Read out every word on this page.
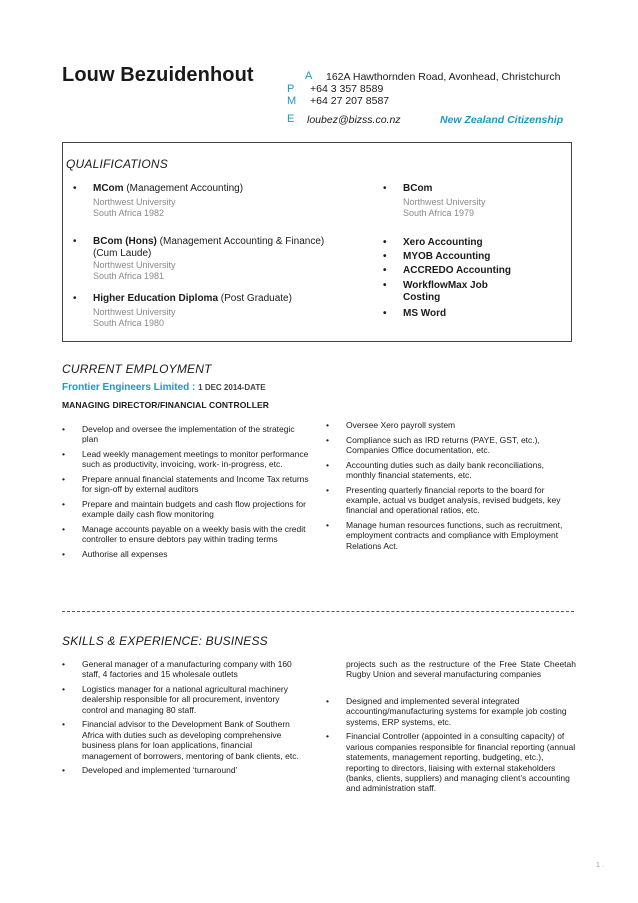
Louw Bezuidenhout	A 162A Hawthornden Road, Avonhead, Christchurch
P +64 3 357 8589
M +64 27 207 8587
E loubez@bizss.co.nz	New Zealand Citizenship
QUALIFICATIONS
• MCom (Management Accounting)
Northwest University
South Africa 1982
• BCom (Hons) (Management Accounting & Finance)
(Cum Laude)
Northwest University
South Africa 1981
• Higher Education Diploma (Post Graduate)
Northwest University
South Africa 1980
• BCom
Northwest University
South Africa 1979
• Xero Accounting
• MYOB Accounting
• ACCREDO Accounting
• WorkflowMax Job Costing
• MS Word
CURRENT EMPLOYMENT
Frontier Engineers Limited : 1 DEC 2014-DATE
MANAGING DIRECTOR/FINANCIAL CONTROLLER
• Develop and oversee the implementation of the strategic plan
• Lead weekly management meetings to monitor performance such as productivity, invoicing, work- in-progress, etc.
• Prepare annual financial statements and Income Tax returns for sign-off by external auditors
• Prepare and maintain budgets and cash flow projections for example daily cash flow monitoring
• Manage accounts payable on a weekly basis with the credit controller to ensure debtors pay within trading terms
• Authorise all expenses
• Oversee Xero payroll system
• Compliance such as IRD returns (PAYE, GST, etc.), Companies Office documentation, etc.
• Accounting duties such as daily bank reconciliations, monthly financial statements, etc.
• Presenting quarterly financial reports to the board for example, actual vs budget analysis, revised budgets, key financial and operational ratios, etc.
• Manage human resources functions, such as recruitment, employment contracts and compliance with Employment Relations Act.
SKILLS & EXPERIENCE: BUSINESS
• General manager of a manufacturing company with 160 staff, 4 factories and 15 wholesale outlets
• Logistics manager for a national agricultural machinery dealership responsible for all procurement, inventory control and managing 80 staff.
• Financial advisor to the Development Bank of Southern Africa with duties such as developing comprehensive business plans for loan applications, financial management of borrowers, mentoring of bank clients, etc.
• Developed and implemented ‘turnaround’
projects such as the restructure of the Free State Cheetah Rugby Union and several manufacturing companies
• Designed and implemented several integrated accounting/manufacturing systems for example job costing systems, ERP systems, etc.
• Financial Controller (appointed in a consulting capacity) of various companies responsible for financial reporting (annual statements, management reporting, budgeting, etc.), reporting to directors, liaising with external stakeholders (banks, clients, suppliers) and managing client’s accounting and administration staff.
1 .
